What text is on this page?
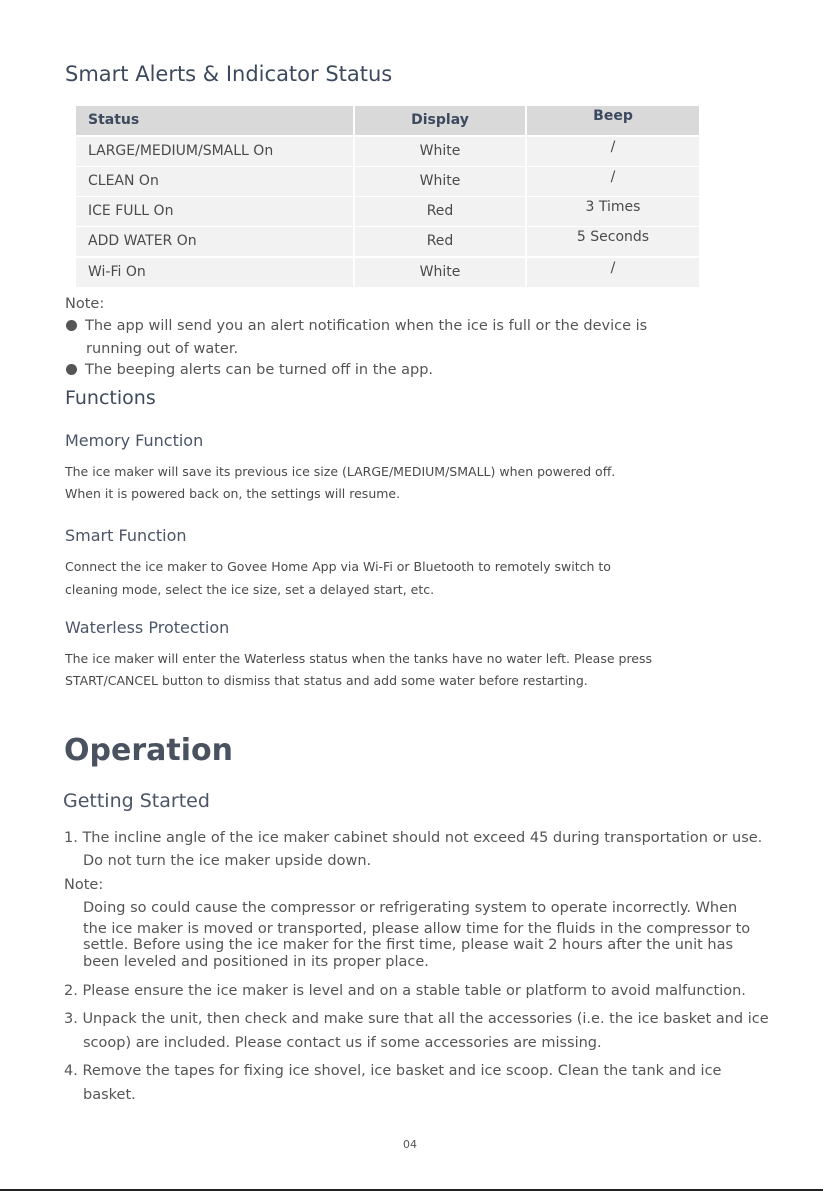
Smart Alerts & Indicator Status
Status	Display	Beep
LARGE/MEDIUM/SMALL On	White	/
CLEAN On	White	/
ICE FULL On	Red	3 Times
ADD WATER On	Red	5 Seconds
Wi-Fi On	White	/
Note:
The app will send you an alert notification when the ice is full or the device is
running out of water.
The beeping alerts can be turned off in the app.
Functions
Memory Function
The ice maker will save its previous ice size (LARGE/MEDIUM/SMALL) when powered off.
When it is powered back on, the settings will resume.
Smart Function
Connect the ice maker to Govee Home App via Wi-Fi or Bluetooth to remotely switch to
cleaning mode, select the ice size, set a delayed start, etc.
Waterless Protection
The ice maker will enter the Waterless status when the tanks have no water left. Please press
START/CANCEL button to dismiss that status and add some water before restarting.
Operation
Getting Started
1. The incline angle of the ice maker cabinet should not exceed 45 during transportation or use.
Do not turn the ice maker upside down.
Note:
Doing so could cause the compressor or refrigerating system to operate incorrectly. When
the ice maker is moved or transported, please allow time for the fluids in the compressor to
settle. Before using the ice maker for the first time, please wait 2 hours after the unit has
been leveled and positioned in its proper place.
2. Please ensure the ice maker is level and on a stable table or platform to avoid malfunction.
3. Unpack the unit, then check and make sure that all the accessories (i.e. the ice basket and ice
scoop) are included. Please contact us if some accessories are missing.
4. Remove the tapes for fixing ice shovel, ice basket and ice scoop. Clean the tank and ice
basket.
04
